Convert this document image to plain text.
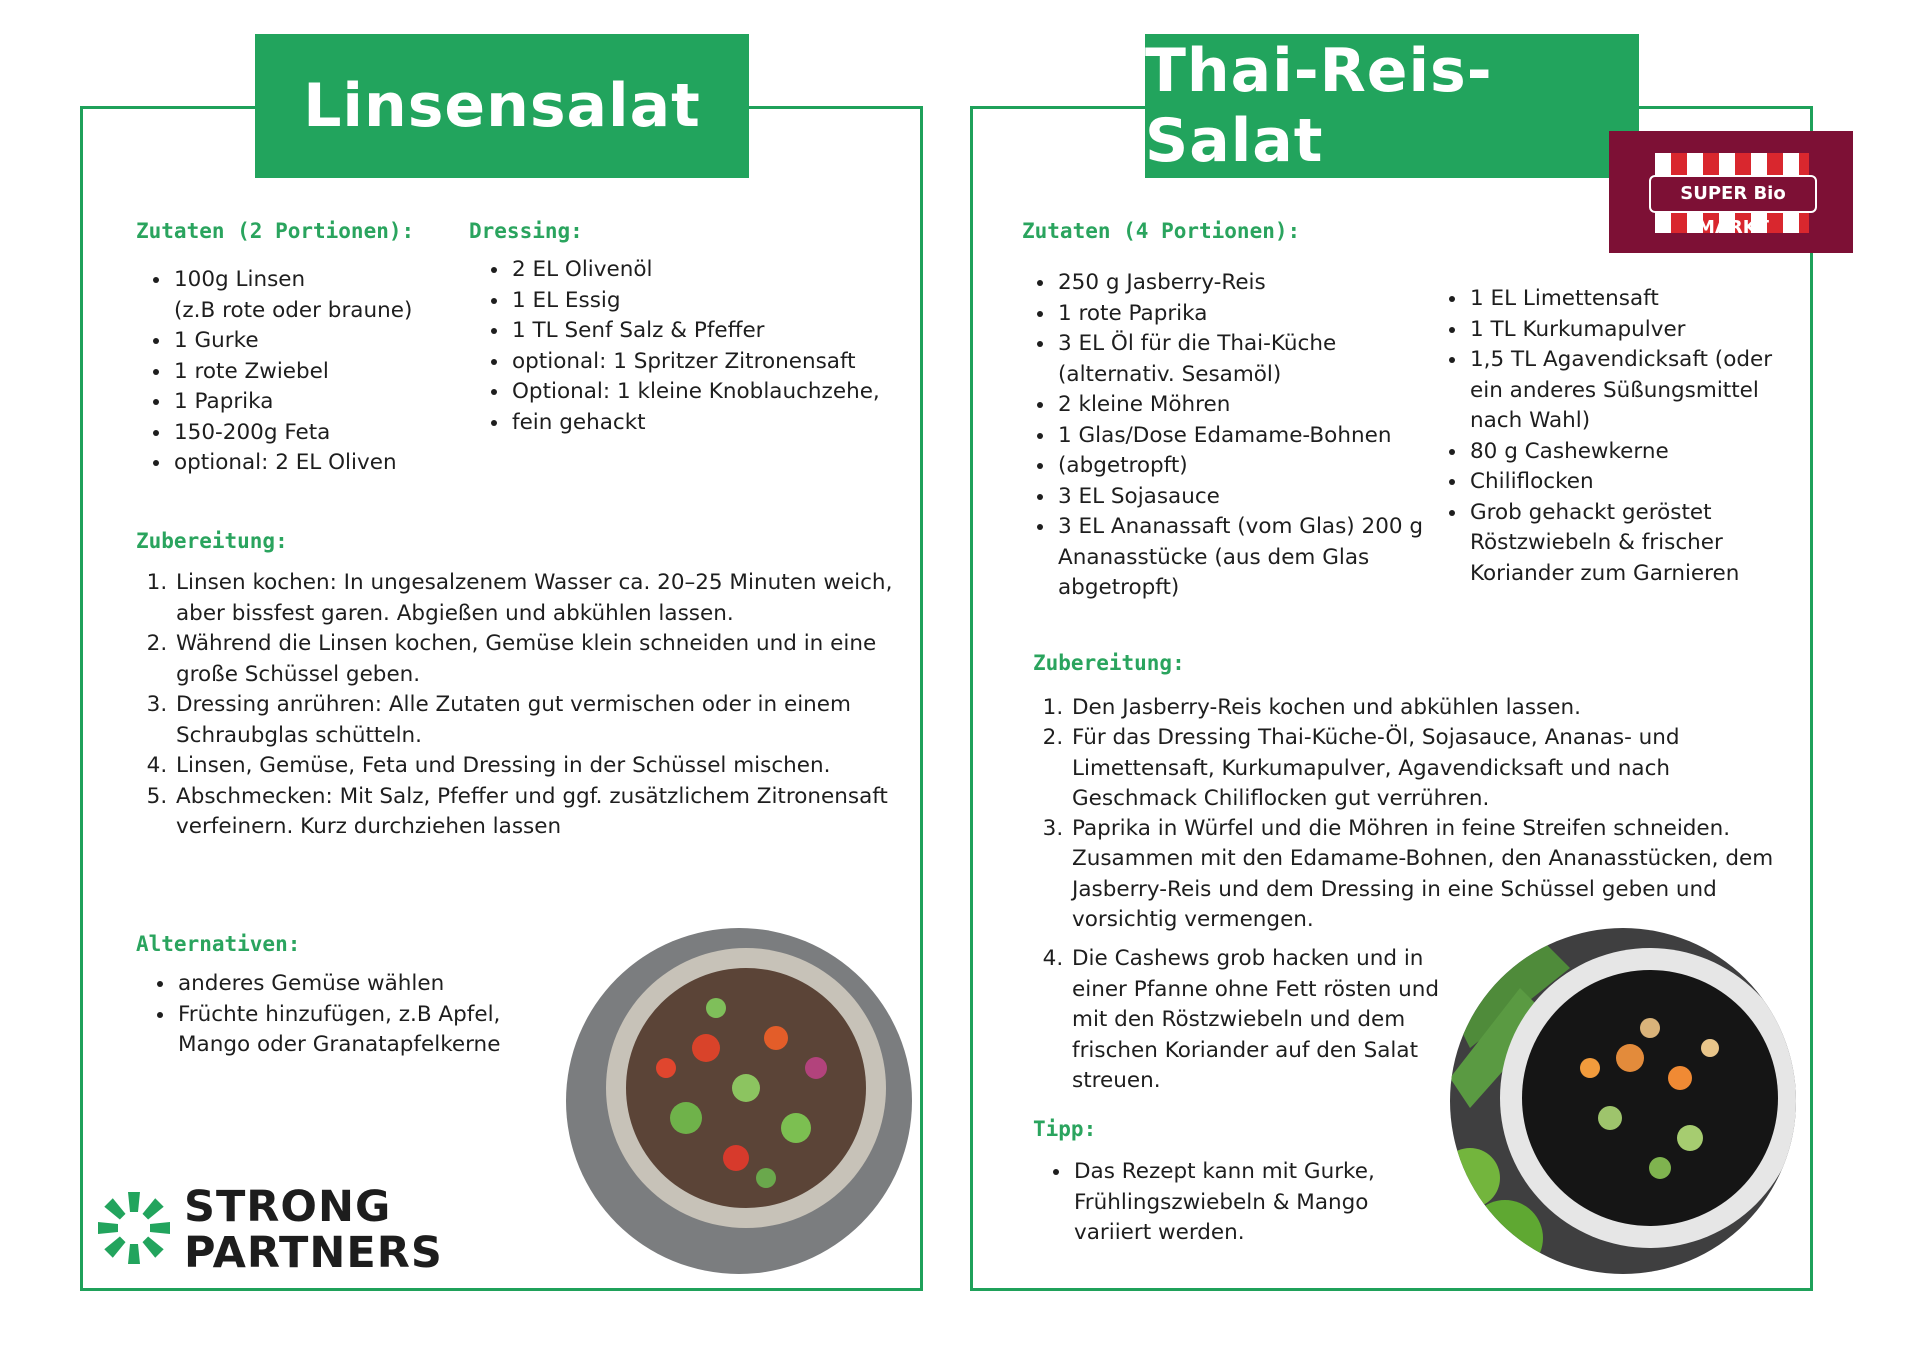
Linsensalat
Zutaten (2 Portionen):
• 100g Linsen
(z.B rote oder braune)
• 1 Gurke
• 1 rote Zwiebel
• 1 Paprika
• 150-200g Feta
• optional: 2 EL Oliven
Dressing:
• 2 EL Olivenöl
• 1 EL Essig
• 1 TL Senf Salz & Pfeffer
• optional: 1 Spritzer Zitronensaft
• Optional: 1 kleine Knoblauchzehe,
• fein gehackt
Zubereitung:
1. Linsen kochen: In ungesalzenem Wasser ca. 20–25 Minuten weich, aber bissfest garen. Abgießen und abkühlen lassen.
2. Während die Linsen kochen, Gemüse klein schneiden und in eine große Schüssel geben.
3. Dressing anrühren: Alle Zutaten gut vermischen oder in einem Schraubglas schütteln.
4. Linsen, Gemüse, Feta und Dressing in der Schüssel mischen.
5. Abschmecken: Mit Salz, Pfeffer und ggf. zusätzlichem Zitronensaft verfeinern. Kurz durchziehen lassen
Alternativen:
• anderes Gemüse wählen
• Früchte hinzufügen, z.B Apfel, Mango oder Granatapfelkerne
STRONG
PARTNERS
Thai-Reis-Salat
SUPER Bio MARKT
Zutaten (4 Portionen):
• 250 g Jasberry-Reis
• 1 rote Paprika
• 3 EL Öl für die Thai-Küche (alternativ. Sesamöl)
• 2 kleine Möhren
• 1 Glas/Dose Edamame-Bohnen
• (abgetropft)
• 3 EL Sojasauce
• 3 EL Ananassaft (vom Glas) 200 g Ananasstücke (aus dem Glas abgetropft)
• 1 EL Limettensaft
• 1 TL Kurkumapulver
• 1,5 TL Agavendicksaft (oder ein anderes Süßungsmittel nach Wahl)
• 80 g Cashewkerne
• Chiliflocken
• Grob gehackt geröstet Röstzwiebeln & frischer Koriander zum Garnieren
Zubereitung:
1. Den Jasberry-Reis kochen und abkühlen lassen.
2. Für das Dressing Thai-Küche-Öl, Sojasauce, Ananas- und Limettensaft, Kurkumapulver, Agavendicksaft und nach Geschmack Chiliflocken gut verrühren.
3. Paprika in Würfel und die Möhren in feine Streifen schneiden. Zusammen mit den Edamame-Bohnen, den Ananasstücken, dem Jasberry-Reis und dem Dressing in eine Schüssel geben und vorsichtig vermengen.
4. Die Cashews grob hacken und in einer Pfanne ohne Fett rösten und mit den Röstzwiebeln und dem frischen Koriander auf den Salat streuen.
Tipp:
• Das Rezept kann mit Gurke, Frühlingszwiebeln & Mango variiert werden.
